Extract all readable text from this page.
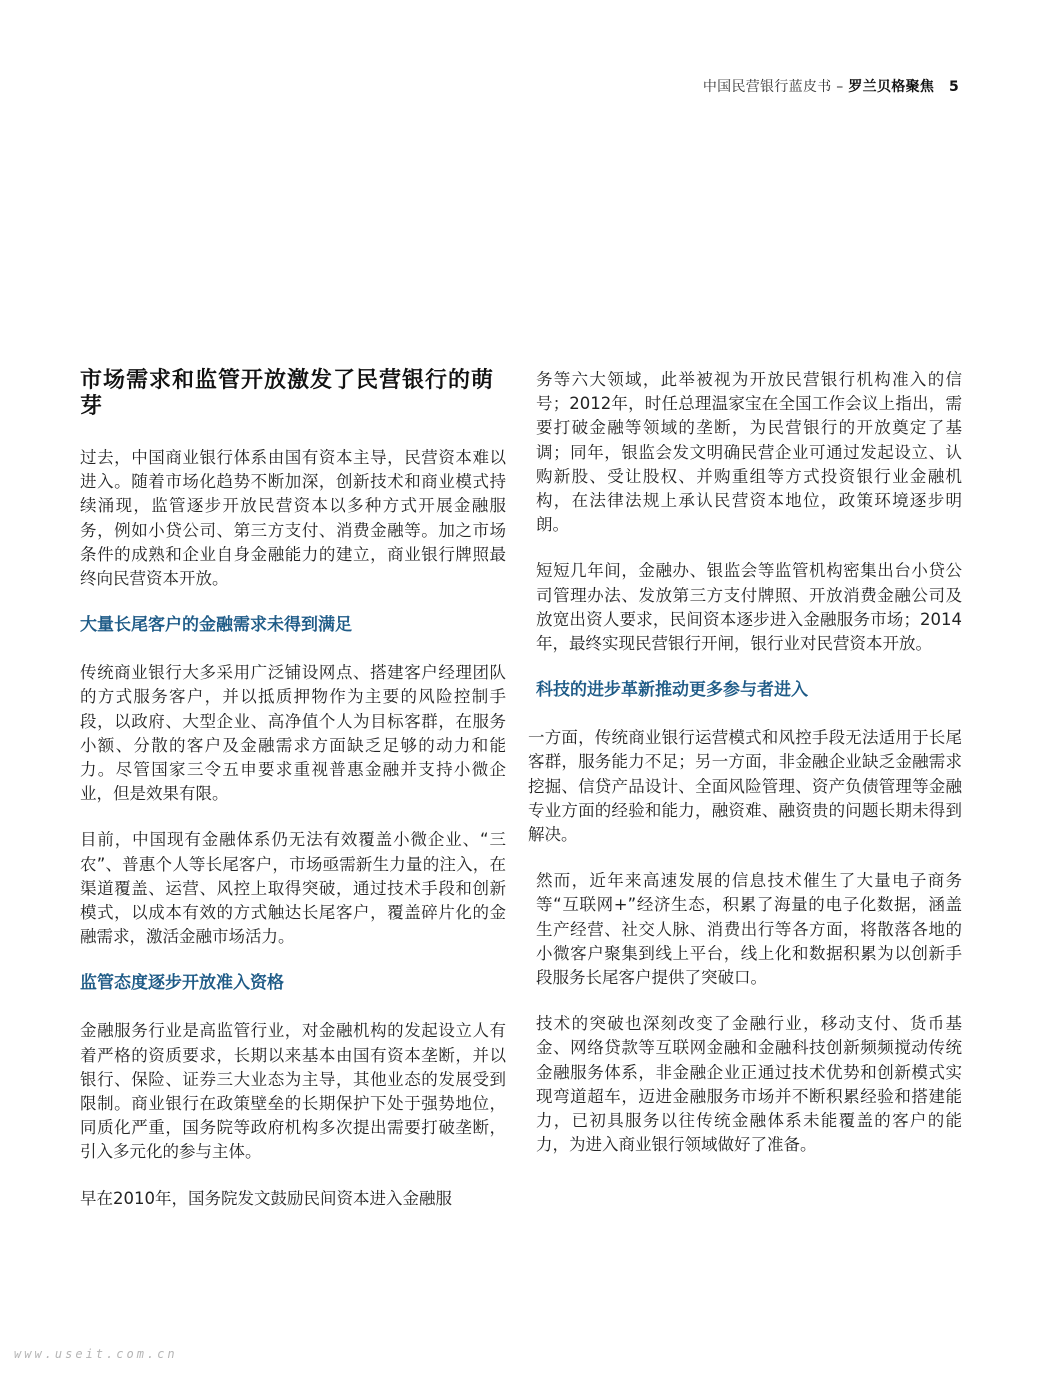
中国民营银行蓝皮书 – 罗兰贝格聚焦 5
市场需求和监管开放激发了民营银行的萌芽

过去，中国商业银行体系由国有资本主导，民营资本难以进入。随着市场化趋势不断加深，创新技术和商业模式持续涌现，监管逐步开放民营资本以多种方式开展金融服务，例如小贷公司、第三方支付、消费金融等。加之市场条件的成熟和企业自身金融能力的建立，商业银行牌照最终向民营资本开放。

大量长尾客户的金融需求未得到满足

传统商业银行大多采用广泛铺设网点、搭建客户经理团队的方式服务客户，并以抵质押物作为主要的风险控制手段，以政府、大型企业、高净值个人为目标客群，在服务小额、分散的客户及金融需求方面缺乏足够的动力和能力。尽管国家三令五申要求重视普惠金融并支持小微企业，但是效果有限。

目前，中国现有金融体系仍无法有效覆盖小微企业、“三农”、普惠个人等长尾客户，市场亟需新生力量的注入，在渠道覆盖、运营、风控上取得突破，通过技术手段和创新模式，以成本有效的方式触达长尾客户，覆盖碎片化的金融需求，激活金融市场活力。

监管态度逐步开放准入资格

金融服务行业是高监管行业，对金融机构的发起设立人有着严格的资质要求，长期以来基本由国有资本垄断，并以银行、保险、证券三大业态为主导，其他业态的发展受到限制。商业银行在政策壁垒的长期保护下处于强势地位，同质化严重，国务院等政府机构多次提出需要打破垄断，引入多元化的参与主体。

早在2010年，国务院发文鼓励民间资本进入金融服

务等六大领域，此举被视为开放民营银行机构准入的信号；2012年，时任总理温家宝在全国工作会议上指出，需要打破金融等领域的垄断，为民营银行的开放奠定了基调；同年，银监会发文明确民营企业可通过发起设立、认购新股、受让股权、并购重组等方式投资银行业金融机构，在法律法规上承认民营资本地位，政策环境逐步明朗。

短短几年间，金融办、银监会等监管机构密集出台小贷公司管理办法、发放第三方支付牌照、开放消费金融公司及放宽出资人要求，民间资本逐步进入金融服务市场；2014年，最终实现民营银行开闸，银行业对民营资本开放。

科技的进步革新推动更多参与者进入

一方面，传统商业银行运营模式和风控手段无法适用于长尾客群，服务能力不足；另一方面，非金融企业缺乏金融需求挖掘、信贷产品设计、全面风险管理、资产负债管理等金融专业方面的经验和能力，融资难、融资贵的问题长期未得到解决。

然而，近年来高速发展的信息技术催生了大量电子商务等“互联网+”经济生态，积累了海量的电子化数据，涵盖生产经营、社交人脉、消费出行等各方面，将散落各地的小微客户聚集到线上平台，线上化和数据积累为以创新手段服务长尾客户提供了突破口。

技术的突破也深刻改变了金融行业，移动支付、货币基金、网络贷款等互联网金融和金融科技创新频频搅动传统金融服务体系，非金融企业正通过技术优势和创新模式实现弯道超车，迈进金融服务市场并不断积累经验和搭建能力，已初具服务以往传统金融体系未能覆盖的客户的能力，为进入商业银行领域做好了准备。

www.useit.com.cn
